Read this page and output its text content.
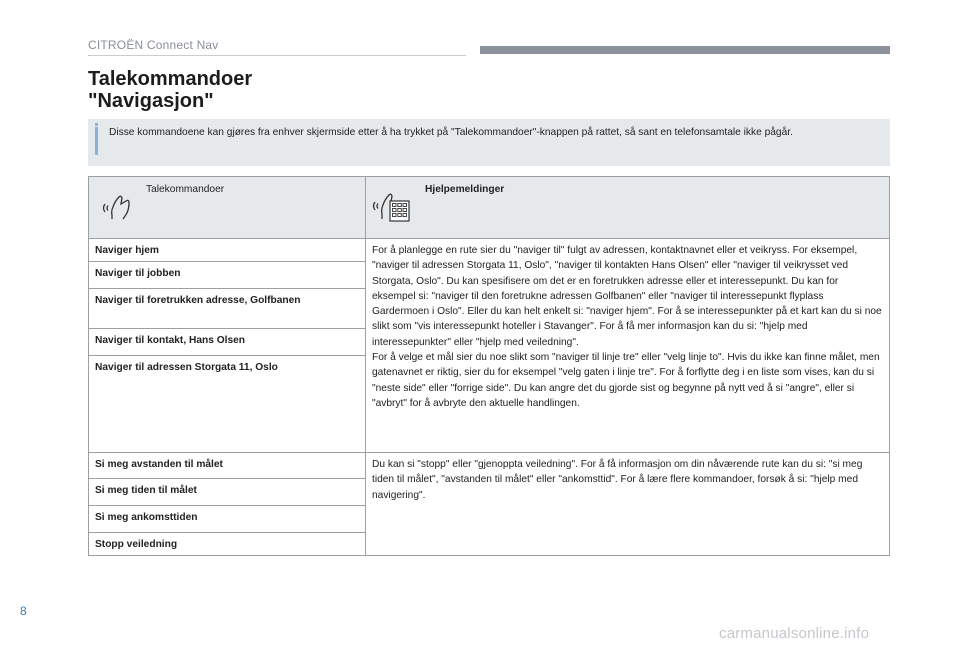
CITROËN Connect Nav
Talekommandoer
"Navigasjon"
Disse kommandoene kan gjøres fra enhver skjermside etter å ha trykket på "Talekommandoer"-knappen på rattet, så sant en telefonsamtale ikke pågår.
Talekommandoer	Hjelpemeldinger

Naviger hjem	For å planlegge en rute sier du "naviger til" fulgt av adressen, kontaktnavnet eller et veikryss. For eksempel, "naviger til adressen Storgata 11, Oslo", "naviger til kontakten Hans Olsen" eller "naviger til veikrysset ved Storgata, Oslo". Du kan spesifisere om det er en foretrukken adresse eller et interessepunkt. Du kan for eksempel si: "naviger til den foretrukne adressen Golfbanen" eller "naviger til interessepunkt flyplass Gardermoen i Oslo". Eller du kan helt enkelt si: "naviger hjem". For å se interessepunkter på et kart kan du si noe slikt som "vis interessepunkt hoteller i Stavanger". For å få mer informasjon kan du si: "hjelp med interessepunkter" eller "hjelp med veiledning".
For å velge et mål sier du noe slikt som "naviger til linje tre" eller "velg linje to". Hvis du ikke kan finne målet, men gatenavnet er riktig, sier du for eksempel "velg gaten i linje tre". For å forflytte deg i en liste som vises, kan du si "neste side" eller "forrige side". Du kan angre det du gjorde sist og begynne på nytt ved å si "angre", eller si "avbryt" for å avbryte den aktuelle handlingen.

Naviger til jobben	
Naviger til foretrukken adresse, Golfbanen	
Naviger til kontakt, Hans Olsen	
Naviger til adressen Storgata 11, Oslo	
Si meg avstanden til målet	Du kan si "stopp" eller "gjenoppta veiledning". For å få informasjon om din nåværende rute kan du si: "si meg tiden til målet", "avstanden til målet" eller "ankomsttid". For å lære flere kommandoer, forsøk å si: "hjelp med navigering".

Si meg tiden til målet	
Si meg ankomsttiden	
Stopp veiledning	
8
carmanualsonline.info
